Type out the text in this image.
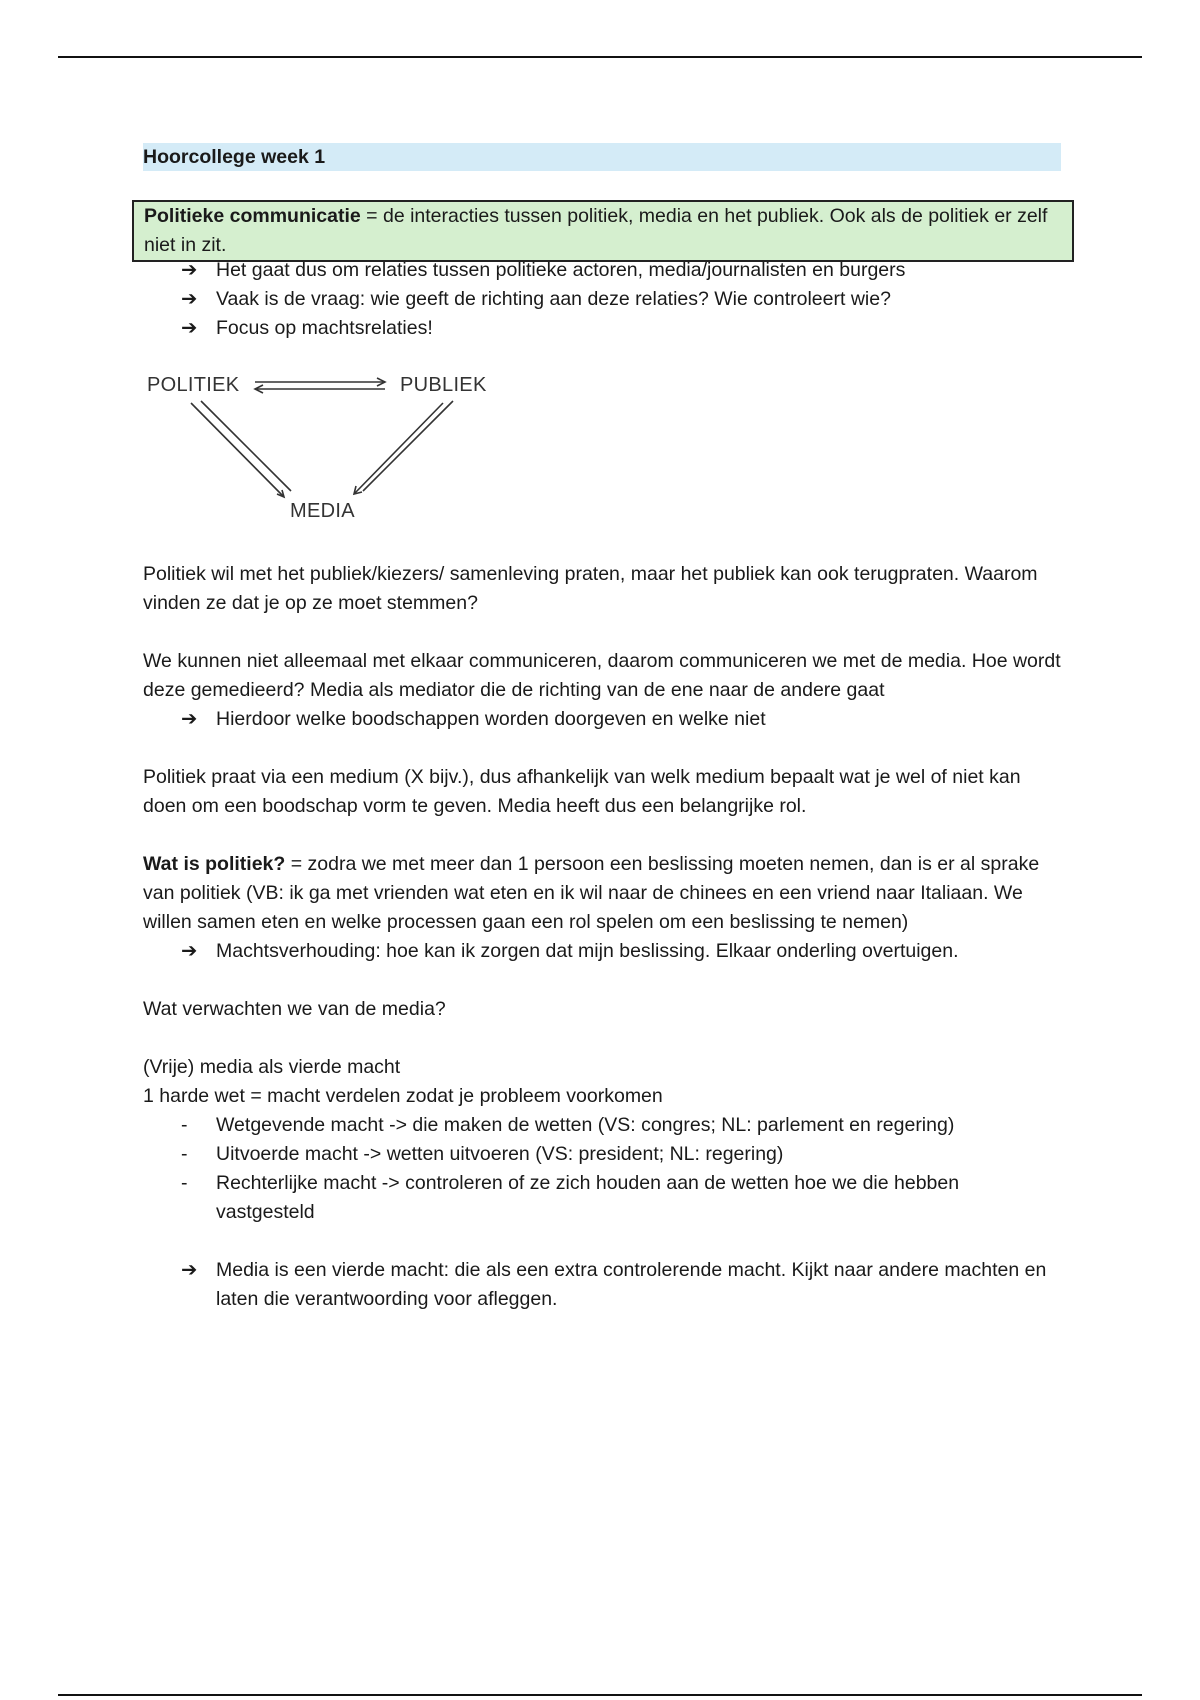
Hoorcollege week 1
Politieke communicatie = de interacties tussen politiek, media en het publiek. Ook als de politiek er zelf niet in zit.
➔ Het gaat dus om relaties tussen politieke actoren, media/journalisten en burgers
➔ Vaak is de vraag: wie geeft de richting aan deze relaties? Wie controleert wie?
➔ Focus op machtsrelaties!
POLITIEK	PUBLIEK
MEDIA

Politiek wil met het publiek/kiezers/ samenleving praten, maar het publiek kan ook terugpraten. Waarom vinden ze dat je op ze moet stemmen?

We kunnen niet alleemaal met elkaar communiceren, daarom communiceren we met de media. Hoe wordt deze gemedieerd? Media als mediator die de richting van de ene naar de andere gaat

➔ Hierdoor welke boodschappen worden doorgeven en welke niet

Politiek praat via een medium (X bijv.), dus afhankelijk van welk medium bepaalt wat je wel of niet kan doen om een boodschap vorm te geven. Media heeft dus een belangrijke rol.

Wat is politiek? = zodra we met meer dan 1 persoon een beslissing moeten nemen, dan is er al sprake van politiek (VB: ik ga met vrienden wat eten en ik wil naar de chinees en een vriend naar Italiaan. We willen samen eten en welke processen gaan een rol spelen om een beslissing te nemen)

➔ Machtsverhouding: hoe kan ik zorgen dat mijn beslissing. Elkaar onderling overtuigen.

Wat verwachten we van de media?

(Vrije) media als vierde macht

1 harde wet = macht verdelen zodat je probleem voorkomen

- Wetgevende macht -> die maken de wetten (VS: congres; NL: parlement en regering)
- Uitvoerde macht -> wetten uitvoeren (VS: president; NL: regering)
- Rechterlijke macht -> controleren of ze zich houden aan de wetten hoe we die hebben vastgesteld
➔ Media is een vierde macht: die als een extra controlerende macht. Kijkt naar andere machten en laten die verantwoording voor afleggen.
